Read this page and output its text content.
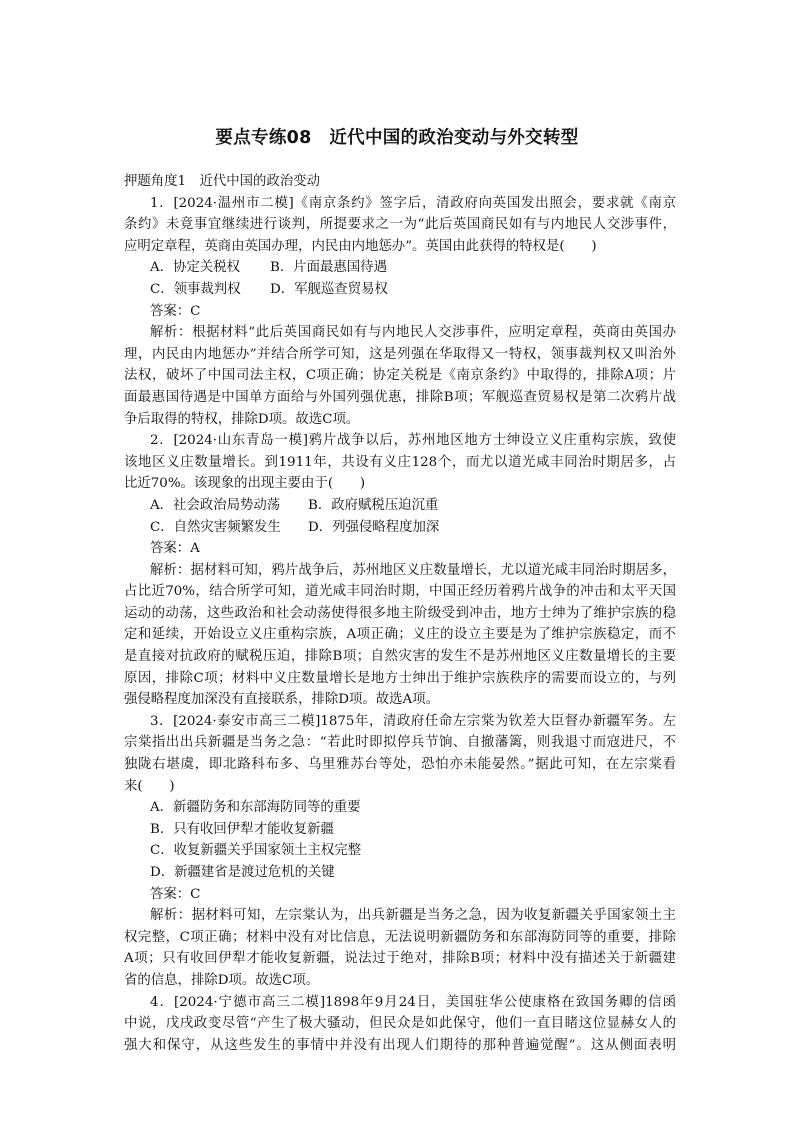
要点专练08　近代中国的政治变动与外交转型
押题角度1　近代中国的政治变动
1．[2024·温州市二模]《南京条约》签字后，清政府向英国发出照会，要求就《南京
条约》未竟事宜继续进行谈判，所提要求之一为“此后英国商民如有与内地民人交涉事件，
应明定章程，英商由英国办理，内民由内地惩办”。英国由此获得的特权是(　　)
A．协定关税权 B．片面最惠国待遇
C．领事裁判权 D．军舰巡查贸易权
答案：C
解析：根据材料“此后英国商民如有与内地民人交涉事件，应明定章程，英商由英国办
理，内民由内地惩办”并结合所学可知，这是列强在华取得又一特权，领事裁判权又叫治外
法权，破坏了中国司法主权，C项正确；协定关税是《南京条约》中取得的，排除A项；片
面最惠国待遇是中国单方面给与外国列强优惠，排除B项；军舰巡查贸易权是第二次鸦片战
争后取得的特权，排除D项。故选C项。
2．[2024·山东青岛一模]鸦片战争以后，苏州地区地方士绅设立义庄重构宗族，致使
该地区义庄数量增长。到1911年，共设有义庄128个，而尤以道光咸丰同治时期居多，占
比近70%。该现象的出现主要由于(　　)
A．社会政治局势动荡 B．政府赋税压迫沉重
C．自然灾害频繁发生 D．列强侵略程度加深
答案：A
解析：据材料可知，鸦片战争后，苏州地区义庄数量增长，尤以道光咸丰同治时期居多，
占比近70%，结合所学可知，道光咸丰同治时期，中国正经历着鸦片战争的冲击和太平天国
运动的动荡，这些政治和社会动荡使得很多地主阶级受到冲击，地方士绅为了维护宗族的稳
定和延续，开始设立义庄重构宗族，A项正确；义庄的设立主要是为了维护宗族稳定，而不
是直接对抗政府的赋税压迫，排除B项；自然灾害的发生不是苏州地区义庄数量增长的主要
原因，排除C项；材料中义庄数量增长是地方士绅出于维护宗族秩序的需要而设立的，与列
强侵略程度加深没有直接联系，排除D项。故选A项。
3．[2024·泰安市高三二模]1875年，清政府任命左宗棠为钦差大臣督办新疆军务。左
宗棠指出出兵新疆是当务之急：“若此时即拟停兵节饷、自撤藩篱，则我退寸而寇进尺，不
独陇右堪虞，即北路科布多、乌里雅苏台等处，恐怕亦未能晏然。”据此可知，在左宗棠看
来(　　)
A．新疆防务和东部海防同等的重要
B．只有收回伊犁才能收复新疆
C．收复新疆关乎国家领土主权完整
D．新疆建省是渡过危机的关键
答案：C
解析：据材料可知，左宗棠认为，出兵新疆是当务之急，因为收复新疆关乎国家领土主
权完整，C项正确；材料中没有对比信息，无法说明新疆防务和东部海防同等的重要，排除
A项；只有收回伊犁才能收复新疆，说法过于绝对，排除B项；材料中没有描述关于新疆建
省的信息，排除D项。故选C项。
4．[2024·宁德市高三二模]1898年9月24日，美国驻华公使康格在致国务卿的信函
中说，戊戌政变尽管“产生了极大骚动，但民众是如此保守，他们一直目睹这位显赫女人的
强大和保守，从这些发生的事情中并没有出现人们期待的那种普遍觉醒”。这从侧面表明
